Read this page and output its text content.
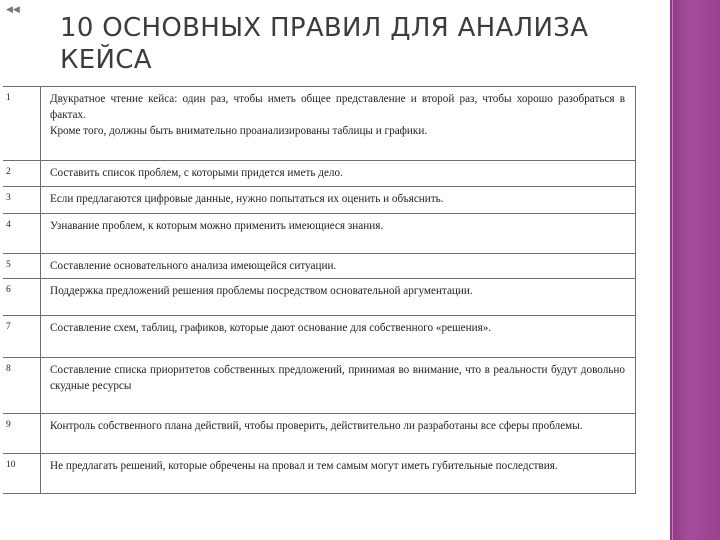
◀◀
10 ОСНОВНЫХ ПРАВИЛ ДЛЯ АНАЛИЗА КЕЙСА
1	Двукратное чтение кейса: один раз, чтобы иметь общее представление и второй раз, чтобы хорошо разобраться в фактах.
Кроме того, должны быть внимательно проанализированы таблицы и графики.

2	Составить список проблем, с которыми придется иметь дело.
3	Если предлагаются цифровые данные, нужно попытаться их оценить и объяснить.
4	Узнавание проблем, к которым можно применить имеющиеся знания.
5	Составление основательного анализа имеющейся ситуации.
6	Поддержка предложений решения проблемы посредством основательной аргументации.
7	Составление схем, таблиц, графиков, которые дают основание для собственного «решения».
8	Составление списка приоритетов собственных предложений, принимая во внимание, что в реальности будут довольно скудные ресурсы
9	Контроль собственного плана действий, чтобы проверить, действительно ли разработаны все сферы проблемы.
10	Не предлагать решений, которые обречены на провал и тем самым могут иметь губительные последствия.
